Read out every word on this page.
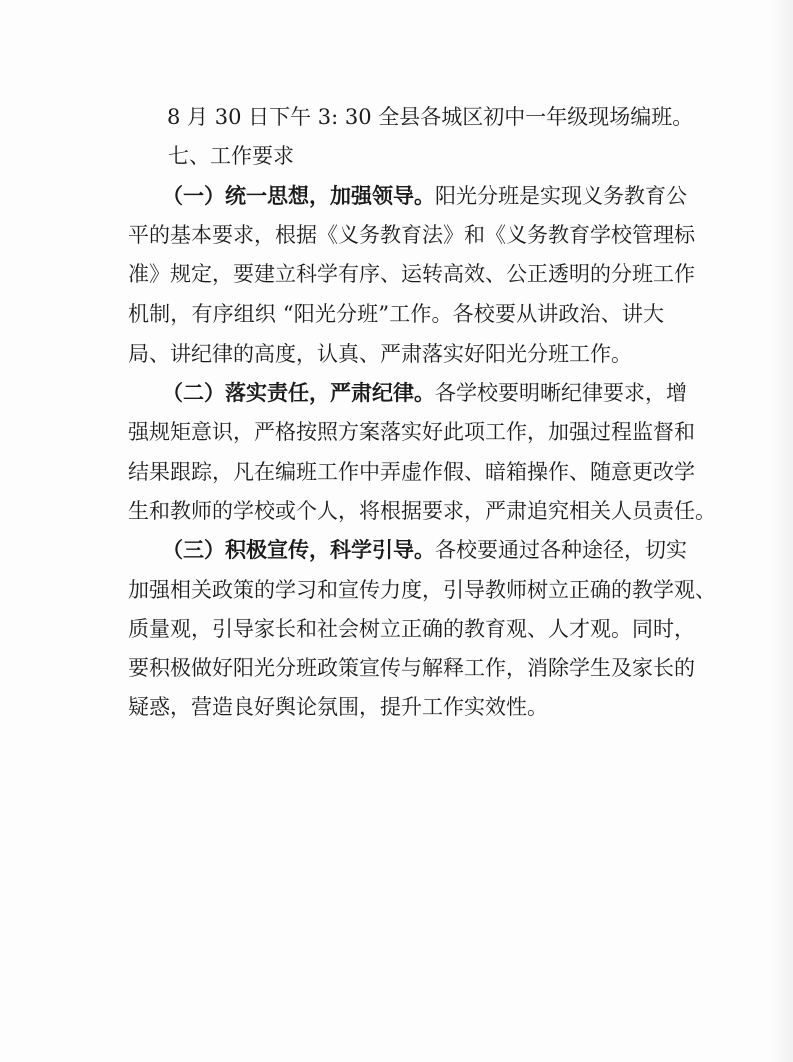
8 月 30 日下午 3: 30 全县各城区初中一年级现场编班。
七、工作要求
（一）统一思想，加强领导。阳光分班是实现义务教育公
平的基本要求，根据《义务教育法》和《义务教育学校管理标
准》规定，要建立科学有序、运转高效、公正透明的分班工作
机制，有序组织 “阳光分班”工作。各校要从讲政治、讲大
局、讲纪律的高度，认真、严肃落实好阳光分班工作。
（二）落实责任，严肃纪律。各学校要明晰纪律要求，增
强规矩意识，严格按照方案落实好此项工作，加强过程监督和
结果跟踪，凡在编班工作中弄虚作假、暗箱操作、随意更改学
生和教师的学校或个人，将根据要求，严肃追究相关人员责任。
（三）积极宣传，科学引导。各校要通过各种途径，切实
加强相关政策的学习和宣传力度，引导教师树立正确的教学观、
质量观，引导家长和社会树立正确的教育观、人才观。同时，
要积极做好阳光分班政策宣传与解释工作，消除学生及家长的
疑惑，营造良好舆论氛围，提升工作实效性。
